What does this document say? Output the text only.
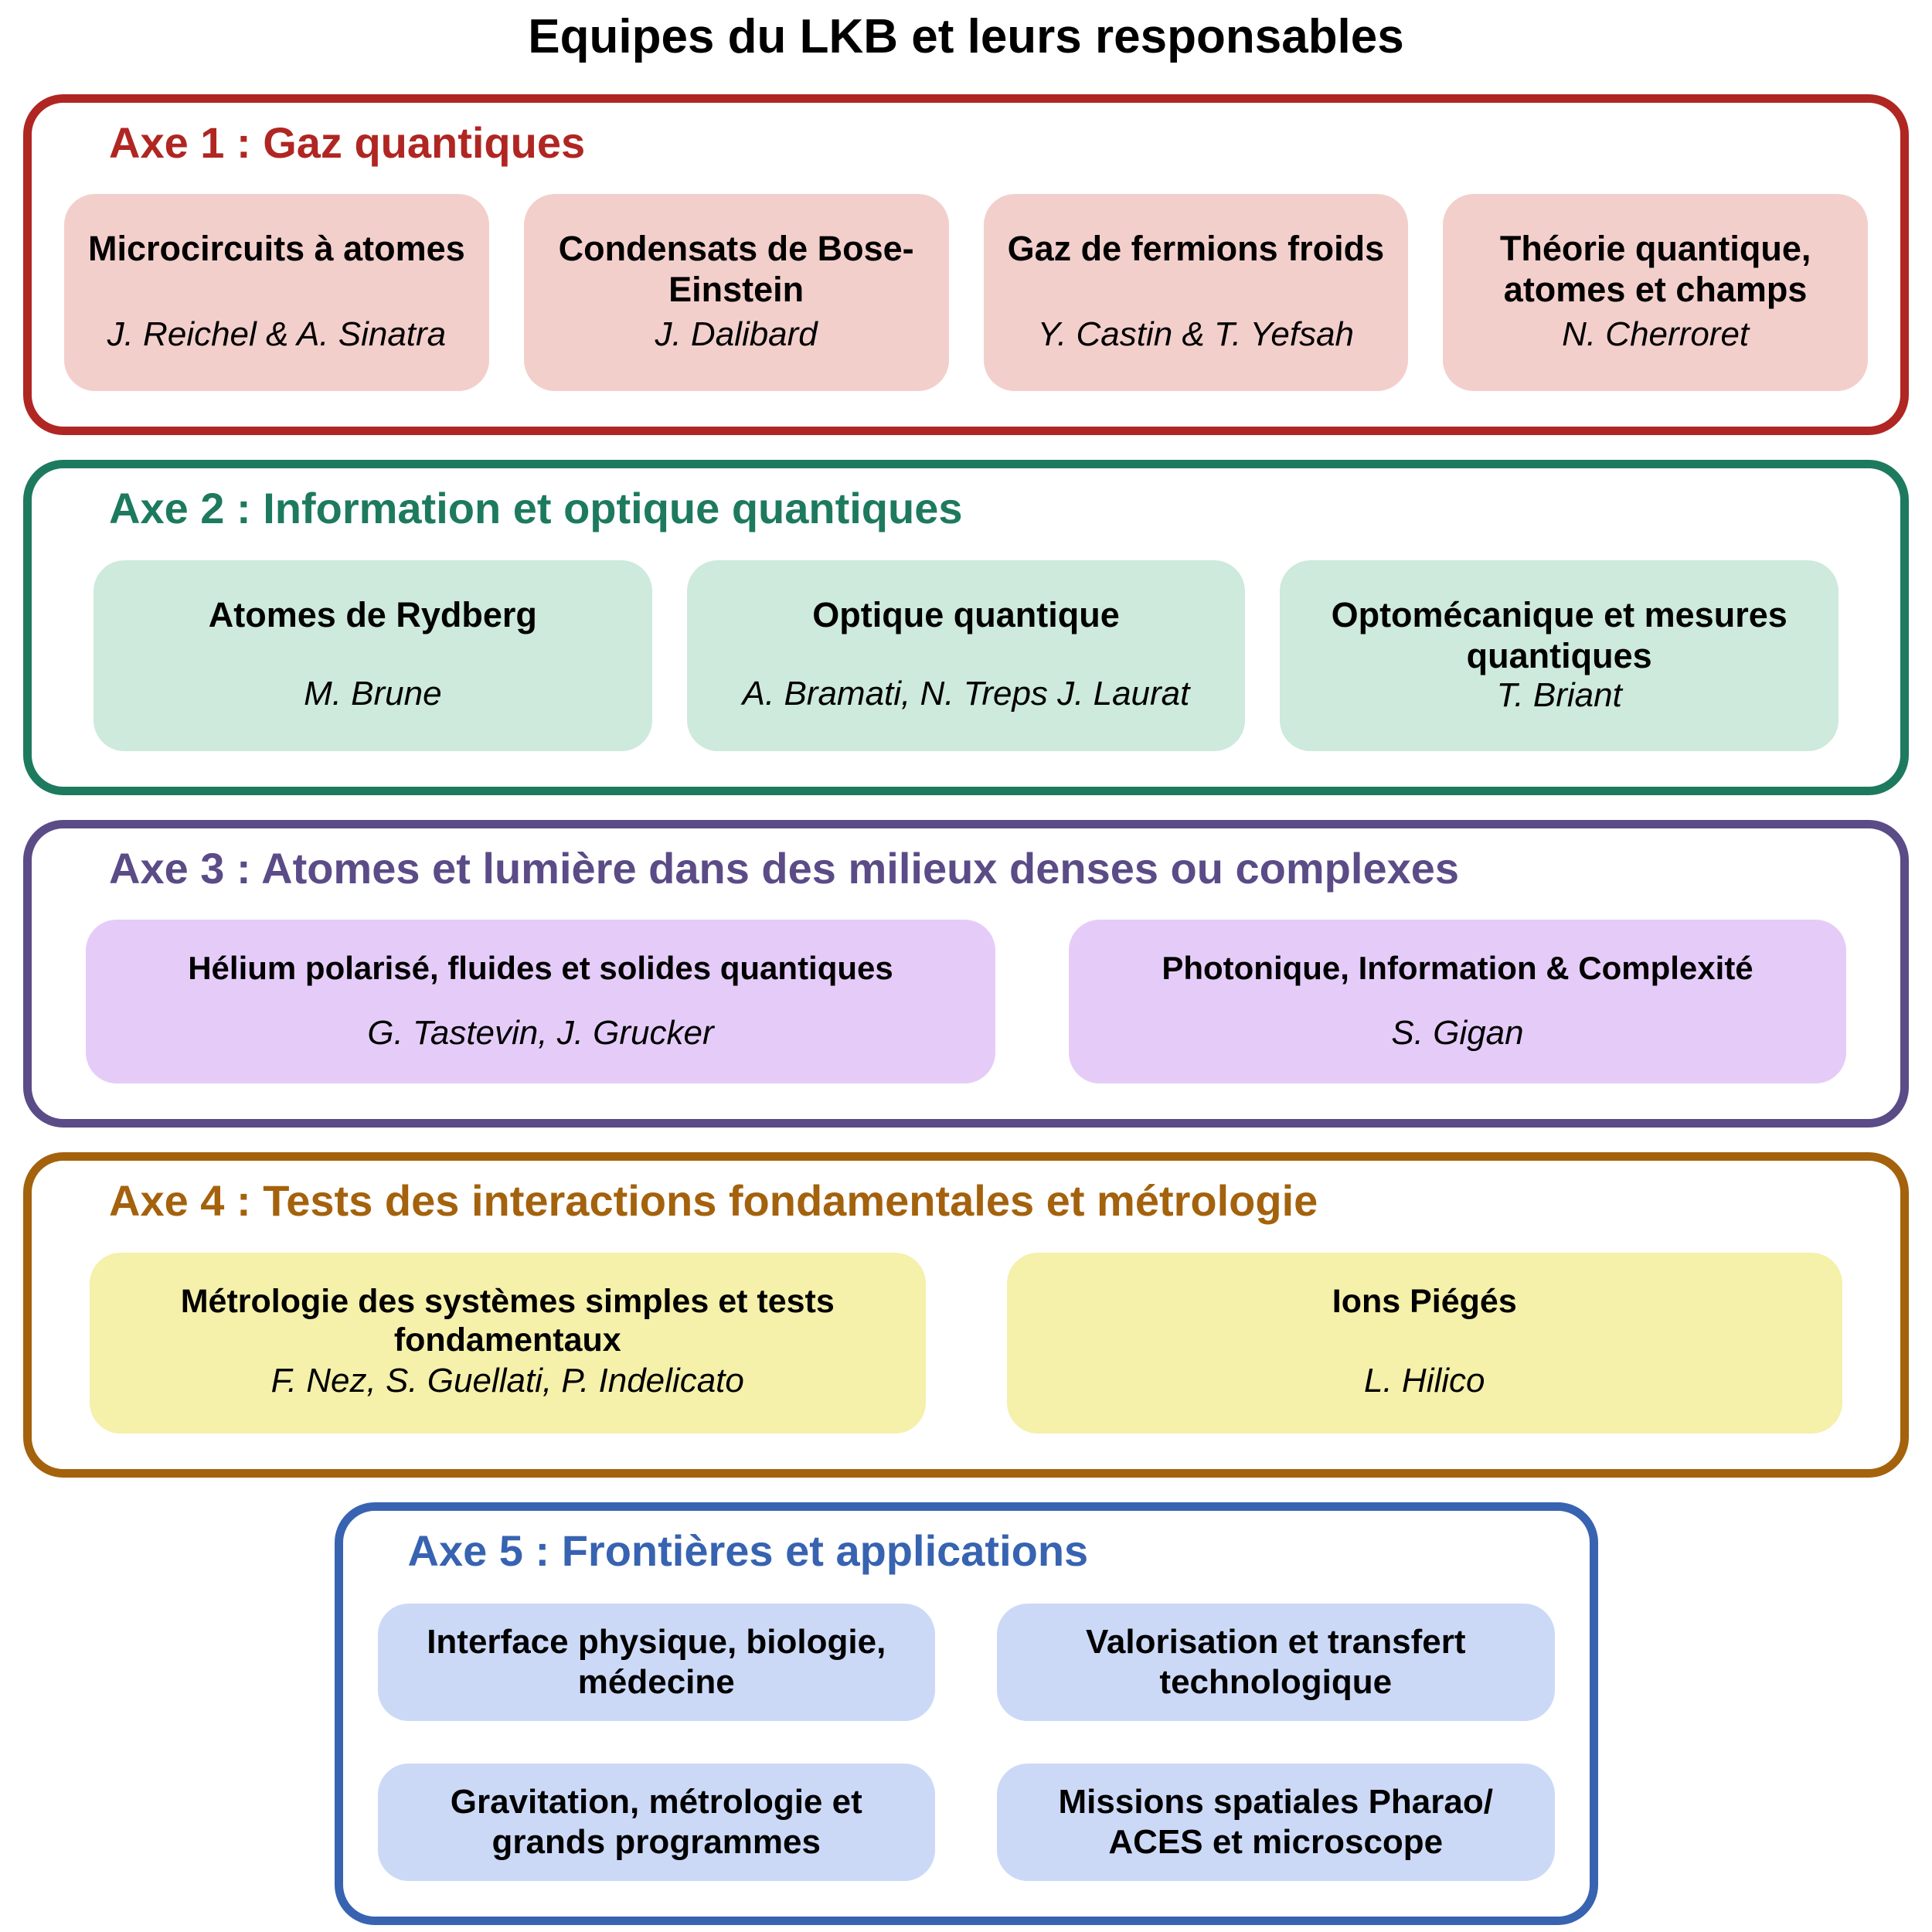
Equipes du LKB et leurs responsables
Axe 1 : Gaz quantiques
Microcircuits à atomes
J. Reichel & A. Sinatra
Condensats de Bose-Einstein
J. Dalibard
Gaz de fermions froids
Y. Castin & T. Yefsah
Théorie quantique, atomes et champs
N. Cherroret
Axe 2 : Information et optique quantiques
Atomes de Rydberg
M. Brune
Optique quantique
A. Bramati, N. Treps J. Laurat
Optomécanique et mesures quantiques
T. Briant
Axe 3 : Atomes et lumière dans des milieux denses ou complexes
Hélium polarisé, fluides et solides quantiques
G. Tastevin, J. Grucker
Photonique, Information & Complexité
S. Gigan
Axe 4 : Tests des interactions fondamentales et métrologie
Métrologie des systèmes simples et tests fondamentaux
F. Nez, S. Guellati, P. Indelicato
Ions Piégés
L. Hilico
Axe 5 : Frontières et applications
Interface physique, biologie, médecine
Valorisation et transfert technologique
Gravitation, métrologie et grands programmes
Missions spatiales Pharao/ ACES et microscope
